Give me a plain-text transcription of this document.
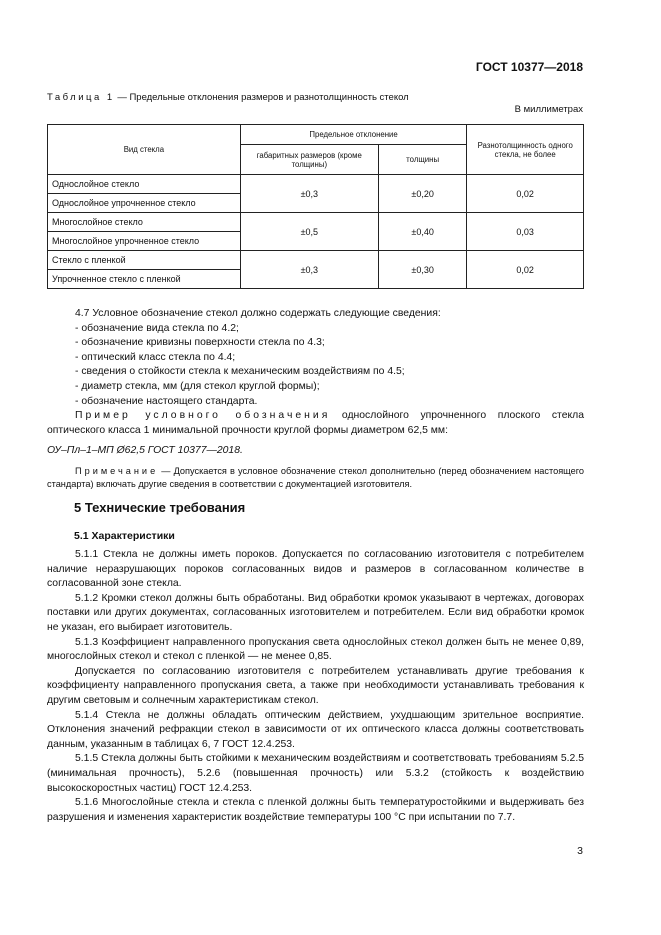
ГОСТ 10377—2018
Таблица 1 — Предельные отклонения размеров и разнотолщинность стекол
В миллиметрах
Вид стекла	Предельное отклонение		Разнотолщинность одного стекла, не более
	габаритных размеров (кроме толщины)	толщины	
Однослойное стекло	±0,3	±0,20	0,02
Однослойное упрочненное стекло			
Многослойное стекло	±0,5	±0,40	0,03
Многослойное упрочненное стекло			
Стекло с пленкой	±0,3	±0,30	0,02
Упрочненное стекло с пленкой			

4.7 Условное обозначение стекол должно содержать следующие сведения:

- обозначение вида стекла по 4.2;

- обозначение кривизны поверхности стекла по 4.3;

- оптический класс стекла по 4.4;

- сведения о стойкости стекла к механическим воздействиям по 4.5;

- диаметр стекла, мм (для стекол круглой формы);

- обозначение настоящего стандарта.

Пример условного обозначения однослойного упрочненного плоского стекла оптического класса 1 минимальной прочности круглой формы диаметром 62,5 мм:

ОУ–Пл–1–МП Ø62,5 ГОСТ 10377—2018.

Примечание — Допускается в условное обозначение стекол дополнительно (перед обозначением настоящего стандарта) включать другие сведения в соответствии с документацией изготовителя.

5 Технические требования
5.1 Характеристики

5.1.1 Стекла не должны иметь пороков. Допускается по согласованию изготовителя с потребителем наличие неразрушающих пороков согласованных видов и размеров в согласованном количестве в согласованной зоне стекла.

5.1.2 Кромки стекол должны быть обработаны. Вид обработки кромок указывают в чертежах, договорах поставки или других документах, согласованных изготовителем и потребителем. Если вид обработки кромок не указан, его выбирает изготовитель.

5.1.3 Коэффициент направленного пропускания света однослойных стекол должен быть не менее 0,89, многослойных стекол и стекол с пленкой — не менее 0,85.

Допускается по согласованию изготовителя с потребителем устанавливать другие требования к коэффициенту направленного пропускания света, а также при необходимости устанавливать требования к другим световым и солнечным характеристикам стекол.

5.1.4 Стекла не должны обладать оптическим действием, ухудшающим зрительное восприятие. Отклонения значений рефракции стекол в зависимости от их оптического класса должны соответствовать данным, указанным в таблицах 6, 7 ГОСТ 12.4.253.

5.1.5 Стекла должны быть стойкими к механическим воздействиям и соответствовать требованиям 5.2.5 (минимальная прочность), 5.2.6 (повышенная прочность) или 5.3.2 (стойкость к воздействию высокоскоростных частиц) ГОСТ 12.4.253.

5.1.6 Многослойные стекла и стекла с пленкой должны быть температуростойкими и выдерживать без разрушения и изменения характеристик воздействие температуры 100 °С при испытании по 7.7.

3
